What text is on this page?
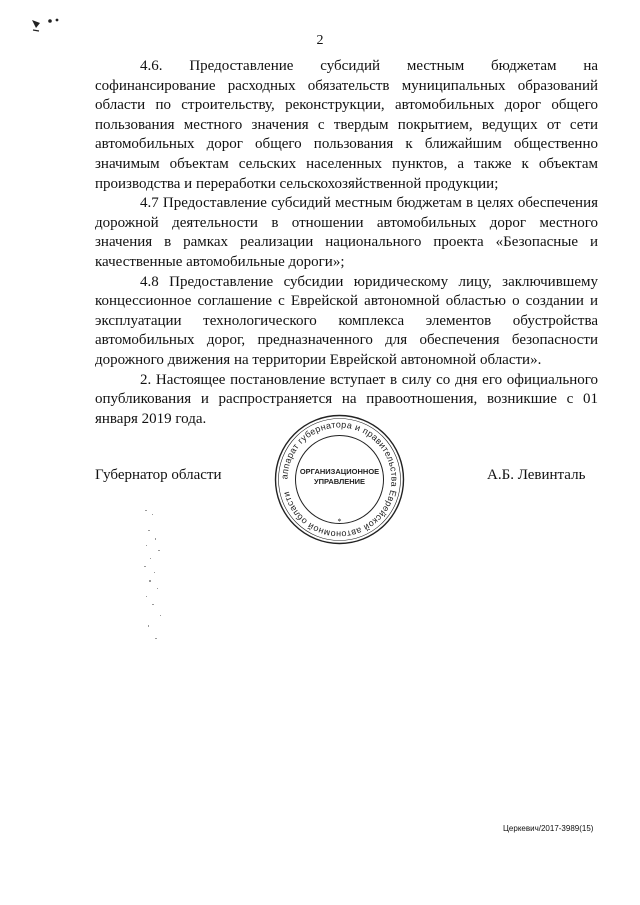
2

4.6. Предоставление субсидий местным бюджетам на софинансирование расходных обязательств муниципальных образований области по строительству, реконструкции, автомобильных дорог общего пользования местного значения с твердым покрытием, ведущих от сети автомобильных дорог общего пользования к ближайшим общественно значимым объектам сельских населенных пунктов, а также к объектам производства и переработки сельскохозяйственной продукции;

4.7 Предоставление субсидий местным бюджетам в целях обеспечения дорожной деятельности в отношении автомобильных дорог местного значения в рамках реализации национального проекта «Безопасные и качественные автомобильные дороги»;

4.8 Предоставление субсидии юридическому лицу, заключившему концессионное соглашение с Еврейской автономной областью о создании и эксплуатации технологического комплекса элементов обустройства автомобильных дорог, предназначенного для обеспечения безопасности дорожного движения на территории Еврейской автономной области».

2. Настоящее постановление вступает в силу со дня его официального опубликования и распространяется на правоотношения, возникшие с 01 января 2019 года.

Губернатор области	А.Б. Левинталь
аппарат губернатора и правительства Еврейской автономной области
ОРГАНИЗАЦИОННОЕ
УПРАВЛЕНИЕ
*
Церкевич/2017-3989(15)
